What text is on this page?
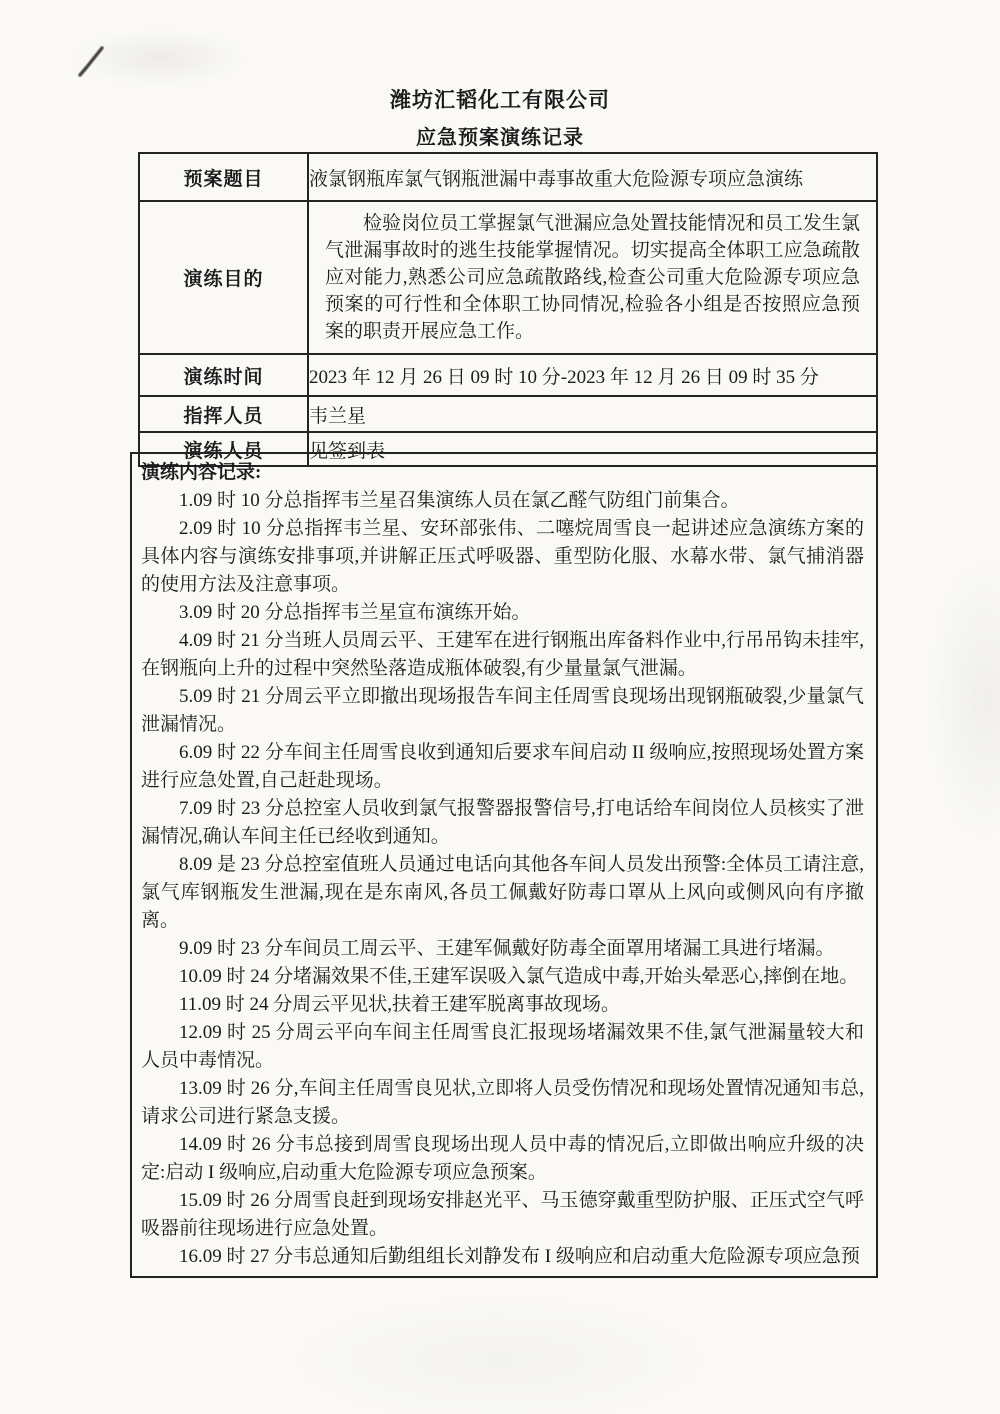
潍坊汇韬化工有限公司
应急预案演练记录
预案题目	液氯钢瓶库氯气钢瓶泄漏中毒事故重大危险源专项应急演练
演练目的	检验岗位员工掌握氯气泄漏应急处置技能情况和员工发生氯气泄漏事故时的逃生技能掌握情况。切实提高全体职工应急疏散应对能力,熟悉公司应急疏散路线,检查公司重大危险源专项应急预案的可行性和全体职工协同情况,检验各小组是否按照应急预案的职责开展应急工作。
演练时间	2023 年 12 月 26 日 09 时 10 分-2023 年 12 月 26 日 09 时 35 分
指挥人员	韦兰星
演练人员	见签到表

演练内容记录:

1.09 时 10 分总指挥韦兰星召集演练人员在氯乙醛气防组门前集合。

2.09 时 10 分总指挥韦兰星、安环部张伟、二噻烷周雪良一起讲述应急演练方案的具体内容与演练安排事项,并讲解正压式呼吸器、重型防化服、水幕水带、氯气捕消器的使用方法及注意事项。

3.09 时 20 分总指挥韦兰星宣布演练开始。

4.09 时 21 分当班人员周云平、王建军在进行钢瓶出库备料作业中,行吊吊钩未挂牢,在钢瓶向上升的过程中突然坠落造成瓶体破裂,有少量量氯气泄漏。

5.09 时 21 分周云平立即撤出现场报告车间主任周雪良现场出现钢瓶破裂,少量氯气泄漏情况。

6.09 时 22 分车间主任周雪良收到通知后要求车间启动 II 级响应,按照现场处置方案进行应急处置,自己赶赴现场。

7.09 时 23 分总控室人员收到氯气报警器报警信号,打电话给车间岗位人员核实了泄漏情况,确认车间主任已经收到通知。

8.09 是 23 分总控室值班人员通过电话向其他各车间人员发出预警:全体员工请注意,氯气库钢瓶发生泄漏,现在是东南风,各员工佩戴好防毒口罩从上风向或侧风向有序撤离。

9.09 时 23 分车间员工周云平、王建军佩戴好防毒全面罩用堵漏工具进行堵漏。

10.09 时 24 分堵漏效果不佳,王建军误吸入氯气造成中毒,开始头晕恶心,摔倒在地。

11.09 时 24 分周云平见状,扶着王建军脱离事故现场。

12.09 时 25 分周云平向车间主任周雪良汇报现场堵漏效果不佳,氯气泄漏量较大和人员中毒情况。

13.09 时 26 分,车间主任周雪良见状,立即将人员受伤情况和现场处置情况通知韦总,请求公司进行紧急支援。

14.09 时 26 分韦总接到周雪良现场出现人员中毒的情况后,立即做出响应升级的决定:启动 I 级响应,启动重大危险源专项应急预案。

15.09 时 26 分周雪良赶到现场安排赵光平、马玉德穿戴重型防护服、正压式空气呼吸器前往现场进行应急处置。

16.09 时 27 分韦总通知后勤组组长刘静发布 I 级响应和启动重大危险源专项应急预
